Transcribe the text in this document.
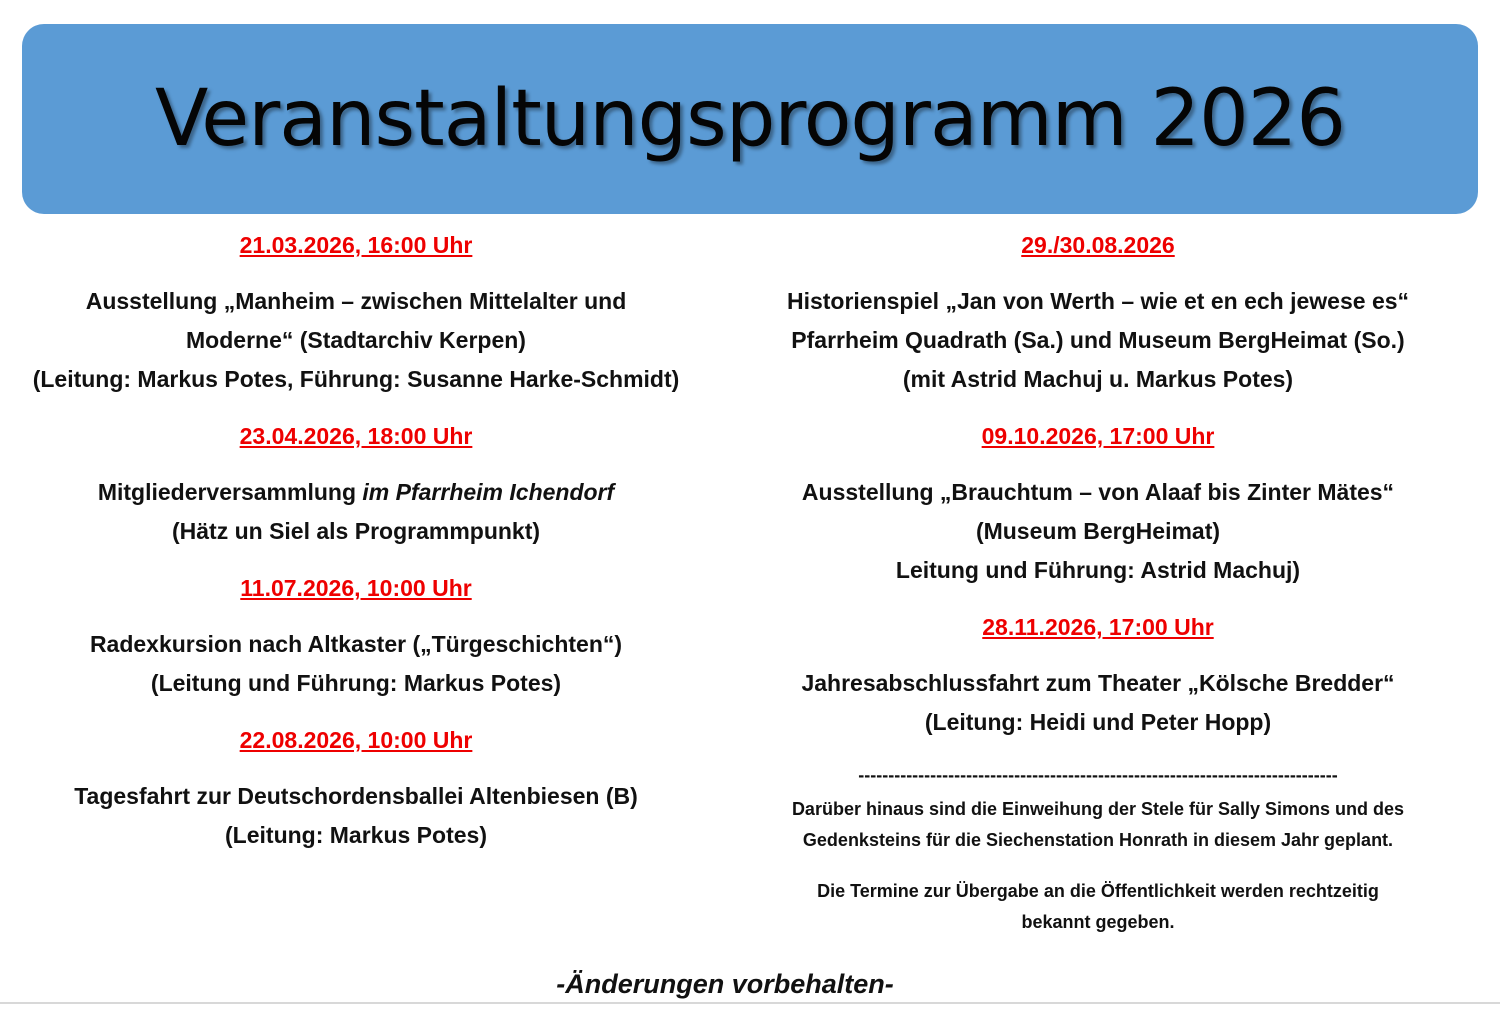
Veranstaltungsprogramm 2026

21.03.2026, 16:00 Uhr

Ausstellung „Manheim – zwischen Mittelalter und

Moderne“ (Stadtarchiv Kerpen)

(Leitung: Markus Potes, Führung: Susanne Harke-Schmidt)

23.04.2026, 18:00 Uhr

Mitgliederversammlung im Pfarrheim Ichendorf

(Hätz un Siel als Programmpunkt)

11.07.2026, 10:00 Uhr

Radexkursion nach Altkaster („Türgeschichten“)

(Leitung und Führung: Markus Potes)

22.08.2026, 10:00 Uhr

Tagesfahrt zur Deutschordensballei Altenbiesen (B)

(Leitung: Markus Potes)

29./30.08.2026

Historienspiel „Jan von Werth – wie et en ech jewese es“

Pfarrheim Quadrath (Sa.) und Museum BergHeimat (So.)

(mit Astrid Machuj u. Markus Potes)

09.10.2026, 17:00 Uhr

Ausstellung „Brauchtum – von Alaaf bis Zinter Mätes“

(Museum BergHeimat)

Leitung und Führung: Astrid Machuj)

28.11.2026, 17:00 Uhr

Jahresabschlussfahrt zum Theater „Kölsche Bredder“

(Leitung: Heidi und Peter Hopp)

--------------------------------------------------------------------------------

Darüber hinaus sind die Einweihung der Stele für Sally Simons und des

Gedenksteins für die Siechenstation Honrath in diesem Jahr geplant.

Die Termine zur Übergabe an die Öffentlichkeit werden rechtzeitig

bekannt gegeben.

-Änderungen vorbehalten-
